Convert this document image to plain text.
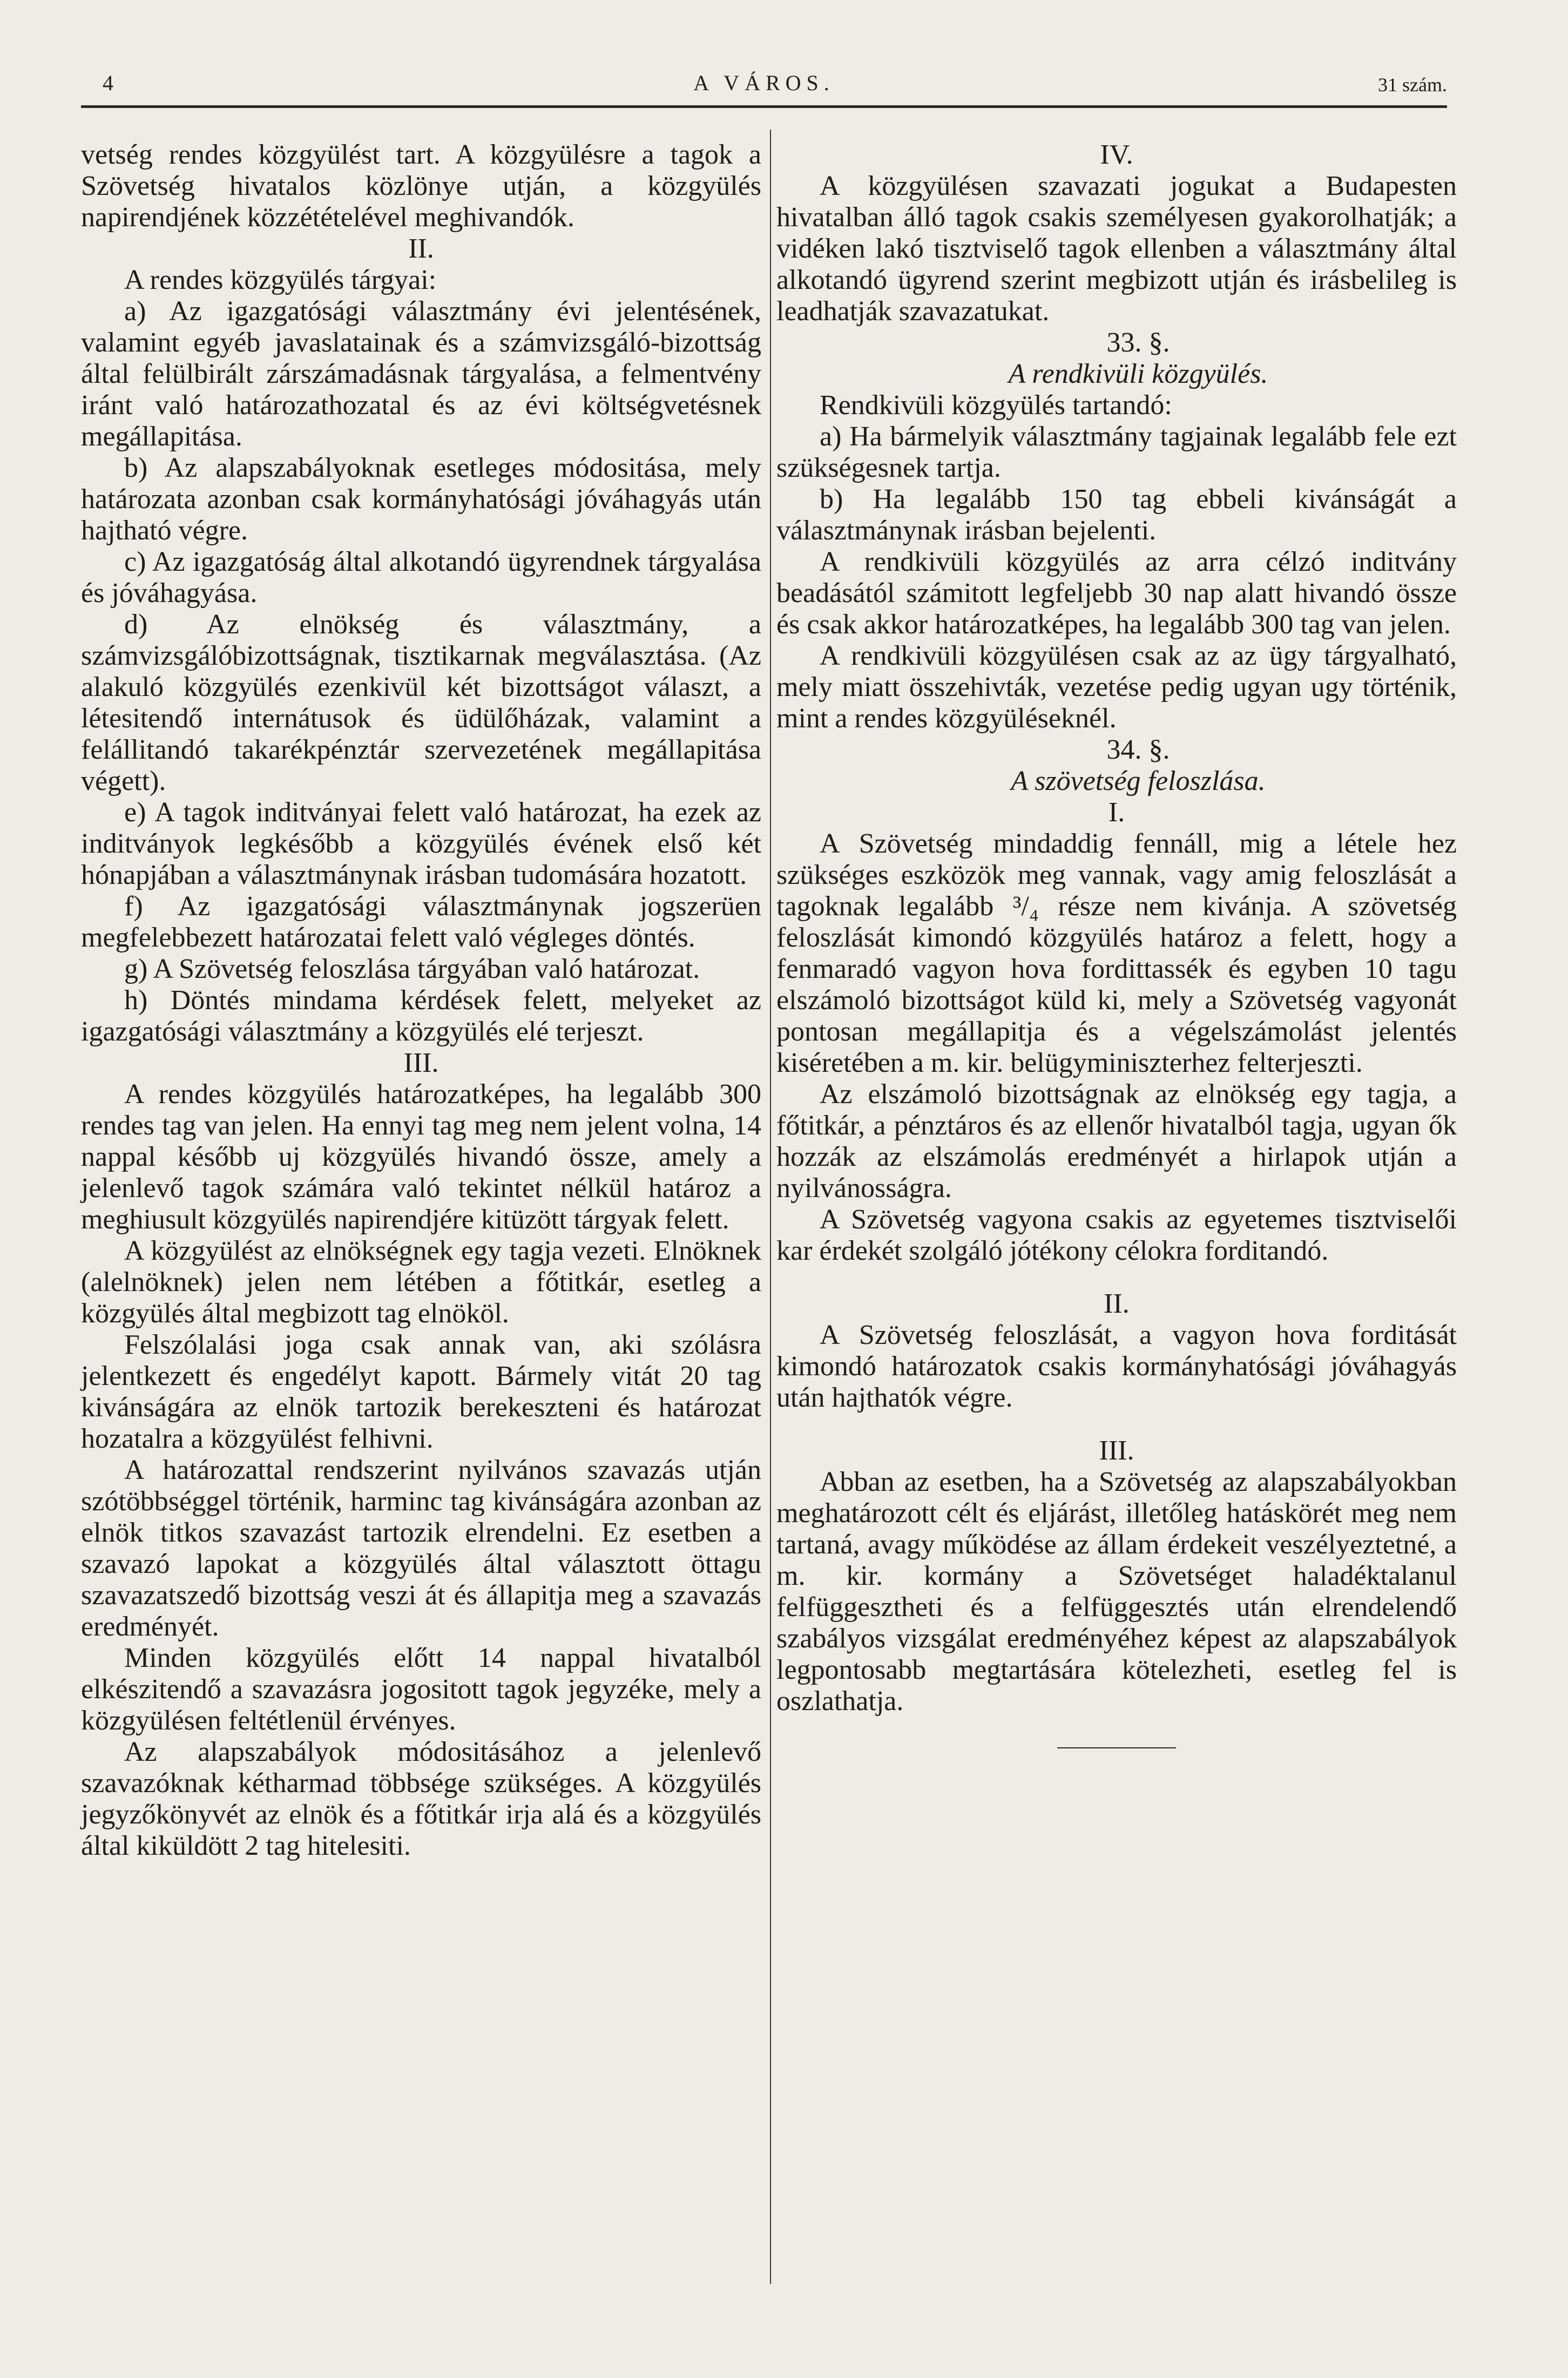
4	A VÁROS.	31 szám.

vetség rendes közgyülést tart. A közgyülésre a tagok a Szövetség hivatalos közlönye utján, a közgyülés napirendjének közzétételével meghivandók.

II.

A rendes közgyülés tárgyai:

a) Az igazgatósági választmány évi jelentésének, valamint egyéb javaslatainak és a számvizsgáló-bizottság által felülbirált zárszámadásnak tárgyalása, a felmentvény iránt való határozathozatal és az évi költségvetésnek megállapitása.

b) Az alapszabályoknak esetleges módositása, mely határozata azonban csak kormányhatósági jóváhagyás után hajtható végre.

c) Az igazgatóság által alkotandó ügyrendnek tárgyalása és jóváhagyása.

d) Az elnökség és választmány, a számvizsgálóbizottságnak, tisztikarnak megválasztása. (Az alakuló közgyülés ezenkivül két bizottságot választ, a létesitendő internátusok és üdülőházak, valamint a felállitandó takarékpénztár szervezetének megállapitása végett).

e) A tagok inditványai felett való határozat, ha ezek az inditványok legkésőbb a közgyülés évének első két hónapjában a választmánynak irásban tudomására hozatott.

f) Az igazgatósági választmánynak jogszerüen megfelebbezett határozatai felett való végleges döntés.

g) A Szövetség feloszlása tárgyában való határozat.

h) Döntés mindama kérdések felett, melyeket az igazgatósági választmány a közgyülés elé terjeszt.

III.

A rendes közgyülés határozatképes, ha legalább 300 rendes tag van jelen. Ha ennyi tag meg nem jelent volna, 14 nappal később uj közgyülés hivandó össze, amely a jelenlevő tagok számára való tekintet nélkül határoz a meghiusult közgyülés napirendjére kitüzött tárgyak felett.

A közgyülést az elnökségnek egy tagja vezeti. Elnöknek (alelnöknek) jelen nem létében a főtitkár, esetleg a közgyülés által megbizott tag elnököl.

Felszólalási joga csak annak van, aki szólásra jelentkezett és engedélyt kapott. Bármely vitát 20 tag kivánságára az elnök tartozik berekeszteni és határozat hozatalra a közgyülést felhivni.

A határozattal rendszerint nyilvános szavazás utján szótöbbséggel történik, harminc tag kivánságára azonban az elnök titkos szavazást tartozik elrendelni. Ez esetben a szavazó lapokat a közgyülés által választott öttagu szavazatszedő bizottság veszi át és állapitja meg a szavazás eredményét.

Minden közgyülés előtt 14 nappal hivatalból elkészitendő a szavazásra jogositott tagok jegyzéke, mely a közgyülésen feltétlenül érvényes.

Az alapszabályok módositásához a jelenlevő szavazóknak kétharmad többsége szükséges. A közgyülés jegyzőkönyvét az elnök és a főtitkár irja alá és a közgyülés által kiküldött 2 tag hitelesiti.

IV.

A közgyülésen szavazati jogukat a Budapesten hivatalban álló tagok csakis személyesen gyakorolhatják; a vidéken lakó tisztviselő tagok ellenben a választmány által alkotandó ügyrend szerint megbizott utján és irásbelileg is leadhatják szavazatukat.

33. §.

A rendkivüli közgyülés.

Rendkivüli közgyülés tartandó:

a) Ha bármelyik választmány tagjainak legalább fele ezt szükségesnek tartja.

b) Ha legalább 150 tag ebbeli kivánságát a választmánynak irásban bejelenti.

A rendkivüli közgyülés az arra célzó inditvány beadásától számitott legfeljebb 30 nap alatt hivandó össze és csak akkor határozatképes, ha legalább 300 tag van jelen.

A rendkivüli közgyülésen csak az az ügy tárgyalható, mely miatt összehivták, vezetése pedig ugyan ugy történik, mint a rendes közgyüléseknél.

34. §.

A szövetség feloszlása.

I.

A Szövetség mindaddig fennáll, mig a létele hez szükséges eszközök meg vannak, vagy amig feloszlását a tagoknak legalább ³/₄ része nem kivánja. A szövetség feloszlását kimondó közgyülés határoz a felett, hogy a fenmaradó vagyon hova fordittassék és egyben 10 tagu elszámoló bizottságot küld ki, mely a Szövetség vagyonát pontosan megállapitja és a végelszámolást jelentés kiséretében a m. kir. belügyminiszterhez felterjeszti.

Az elszámoló bizottságnak az elnökség egy tagja, a főtitkár, a pénztáros és az ellenőr hivatalból tagja, ugyan ők hozzák az elszámolás eredményét a hirlapok utján a nyilvánosságra.

A Szövetség vagyona csakis az egyetemes tisztviselői kar érdekét szolgáló jótékony célokra forditandó.

II.

A Szövetség feloszlását, a vagyon hova forditását kimondó határozatok csakis kormányhatósági jóváhagyás után hajthatók végre.

III.

Abban az esetben, ha a Szövetség az alapszabályokban meghatározott célt és eljárást, illetőleg hatáskörét meg nem tartaná, avagy működése az állam érdekeit veszélyeztetné, a m. kir. kormány a Szövetséget haladéktalanul felfüggesztheti és a felfüggesztés után elrendelendő szabályos vizsgálat eredményéhez képest az alapszabályok legpontosabb megtartására kötelezheti, esetleg fel is oszlathatja.
